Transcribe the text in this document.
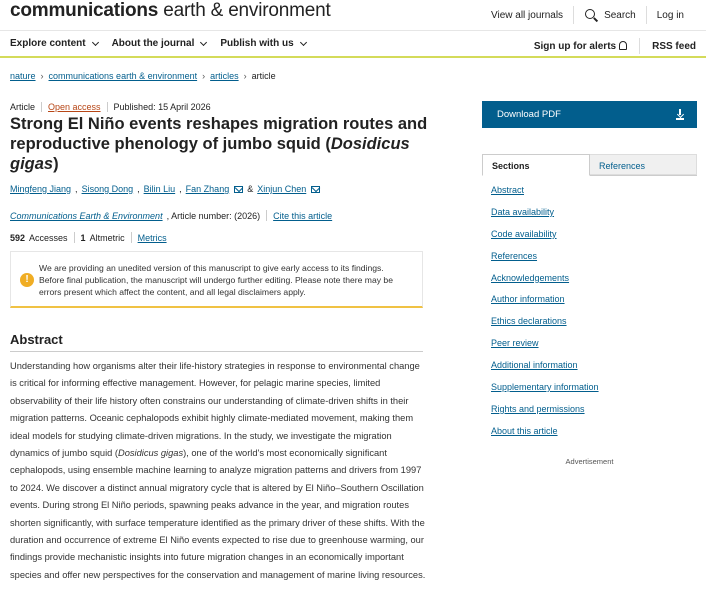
communications earth & environment	View all journals	Search	Log in
Explore content	About the journal	Publish with us	Sign up for alerts	RSS feed
nature › communications earth & environment › articles › article
Article Open access Published: 15 April 2026
Strong El Niño events reshapes migration routes and reproductive phenology of jumbo squid (Dosidicus gigas)
Mingfeng Jiang , Sisong Dong , Bilin Liu , Fan Zhang & Xinjun Chen
Communications Earth & Environment , Article number: (2026) Cite this article
592 Accesses 1 Altmetric Metrics
!

We are providing an unedited version of this manuscript to give early access to its findings. Before final publication, the manuscript will undergo further editing. Please note there may be errors present which affect the content, and all legal disclaimers apply.

Abstract

Understanding how organisms alter their life-history strategies in response to environmental change is critical for informing effective management. However, for pelagic marine species, limited observability of their life history often constrains our understanding of climate-driven shifts in their migration patterns. Oceanic cephalopods exhibit highly climate-mediated movement, making them ideal models for studying climate-driven migrations. In the study, we investigate the migration dynamics of jumbo squid (Dosidicus gigas), one of the world's most economically significant cephalopods, using ensemble machine learning to analyze migration patterns and drivers from 1997 to 2024. We discover a distinct annual migratory cycle that is altered by El Niño–Southern Oscillation events. During strong El Niño periods, spawning peaks advance in the year, and migration routes shorten significantly, with surface temperature identified as the primary driver of these shifts. With the duration and occurrence of extreme El Niño events expected to rise due to greenhouse warming, our findings provide mechanistic insights into future migration changes in an economically important species and offer new perspectives for the conservation and management of marine living resources.

Download PDF
Sections	References
Abstract
Data availability
Code availability
References
Acknowledgements
Author information
Ethics declarations
Peer review
Additional information
Supplementary information
Rights and permissions
About this article
Advertisement
